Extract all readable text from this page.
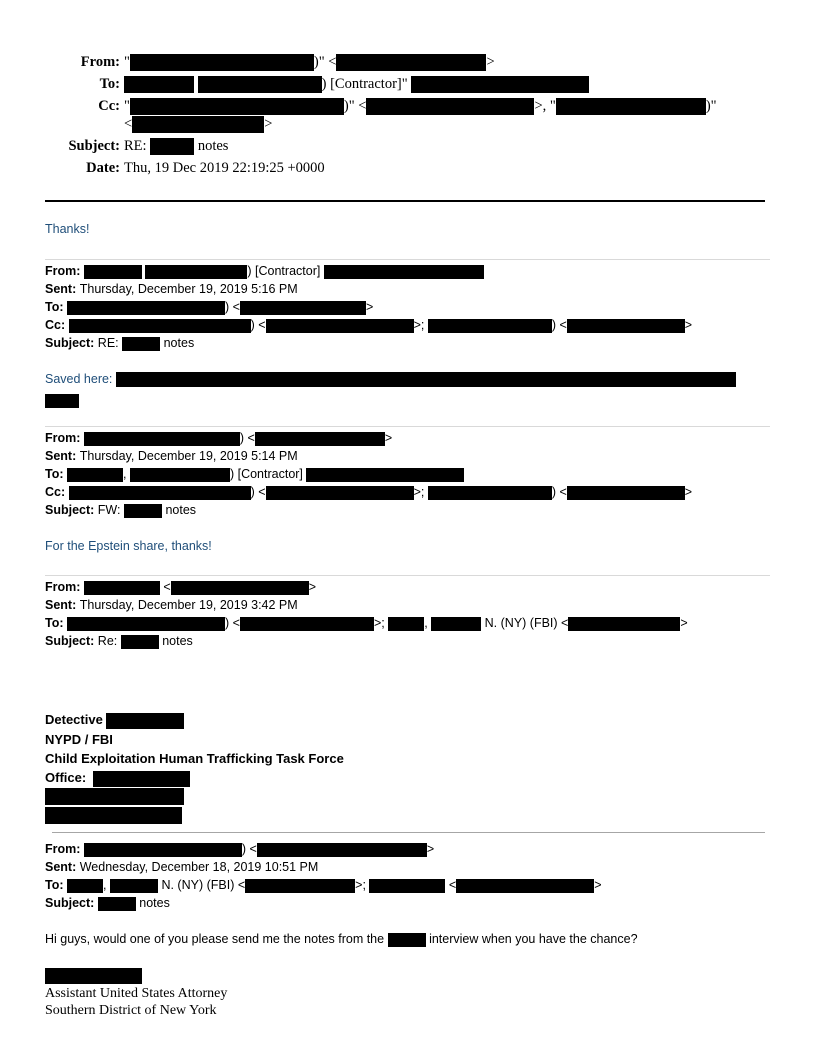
From: "	)" <	>
To:	) [Contractor]"
Cc: "	)" <	>, "	)"
<	>
Subject: RE:	notes
Date: Thu, 19 Dec 2019 22:19:25 +0000
Thanks!
From:	) [Contractor]
Sent: Thursday, December 19, 2019 5:16 PM
To:	) <	>
Cc:	) <	>;	) <	>
Subject: RE:	notes
Saved here:
From:	) <	>
Sent: Thursday, December 19, 2019 5:14 PM
To:	,	) [Contractor]
Cc:	) <	>;	) <	>
Subject: FW:	notes
For the Epstein share, thanks!
From:	<	>
Sent: Thursday, December 19, 2019 3:42 PM
To:	) <	>;	,	N. (NY) (FBI) <	>
Subject: Re:	notes
Detective
NYPD / FBI
Child Exploitation Human Trafficking Task Force
Office:
From:	) <	>
Sent: Wednesday, December 18, 2019 10:51 PM
To:	,	N. (NY) (FBI) <	>;	<	>
Subject:	notes
Hi guys, would one of you please send me the notes from the	interview when you have the chance?
Assistant United States Attorney
Southern District of New York
